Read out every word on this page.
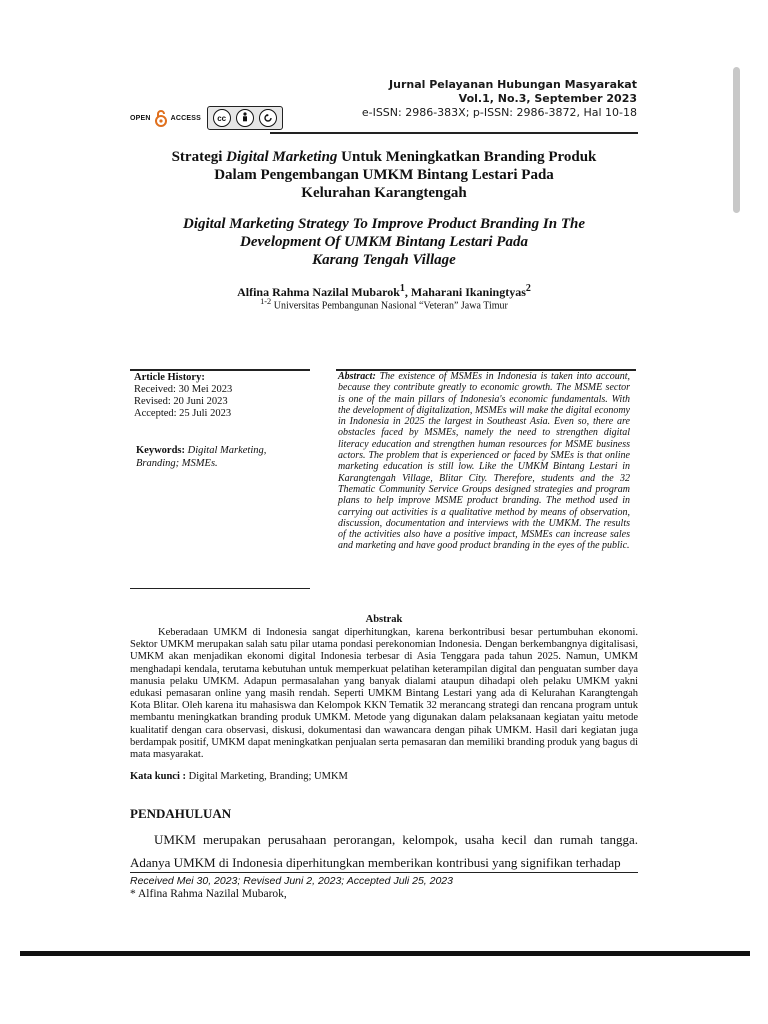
Jurnal Pelayanan Hubungan Masyarakat
Vol.1, No.3, September 2023
e-ISSN: 2986-383X; p-ISSN: 2986-3872, Hal 10-18
OPEN	ACCESS	cc
Strategi Digital Marketing Untuk Meningkatkan Branding Produk
Dalam Pengembangan UMKM Bintang Lestari Pada
Kelurahan Karangtengah
Digital Marketing Strategy To Improve Product Branding In The
Development Of UMKM Bintang Lestari Pada
Karang Tengah Village
Alfina Rahma Nazilal Mubarok$^1$, Maharani Ikaningtyas$^2$
$^{1-2}$ Universitas Pembangunan Nasional “Veteran” Jawa Timur
Article History:
Received: 30 Mei 2023
Revised: 20 Juni 2023
Accepted: 25 Juli 2023
Keywords: Digital Marketing, Branding; MSMEs.
Abstract: The existence of MSMEs in Indonesia is taken into account, because they contribute greatly to economic growth. The MSME sector is one of the main pillars of Indonesia's economic fundamentals. With the development of digitalization, MSMEs will make the digital economy in Indonesia in 2025 the largest in Southeast Asia. Even so, there are obstacles faced by MSMEs, namely the need to strengthen digital literacy education and strengthen human resources for MSME business actors. The problem that is experienced or faced by SMEs is that online marketing education is still low. Like the UMKM Bintang Lestari in Karangtengah Village, Blitar City. Therefore, students and the 32 Thematic Community Service Groups designed strategies and program plans to help improve MSME product branding. The method used in carrying out activities is a qualitative method by means of observation, discussion, documentation and interviews with the UMKM. The results of the activities also have a positive impact, MSMEs can increase sales and marketing and have good product branding in the eyes of the public.
Abstrak
Keberadaan UMKM di Indonesia sangat diperhitungkan, karena berkontribusi besar pertumbuhan ekonomi. Sektor UMKM merupakan salah satu pilar utama pondasi perekonomian Indonesia. Dengan berkembangnya digitalisasi, UMKM akan menjadikan ekonomi digital Indonesia terbesar di Asia Tenggara pada tahun 2025. Namun, UMKM menghadapi kendala, terutama kebutuhan untuk memperkuat pelatihan keterampilan digital dan penguatan sumber daya manusia pelaku UMKM. Adapun permasalahan yang banyak dialami ataupun dihadapi oleh pelaku UMKM yakni edukasi pemasaran online yang masih rendah. Seperti UMKM Bintang Lestari yang ada di Kelurahan Karangtengah Kota Blitar. Oleh karena itu mahasiswa dan Kelompok KKN Tematik 32 merancang strategi dan rencana program untuk membantu meningkatkan branding produk UMKM. Metode yang digunakan dalam pelaksanaan kegiatan yaitu metode kualitatif dengan cara observasi, diskusi, dokumentasi dan wawancara dengan pihak UMKM. Hasil dari kegiatan juga berdampak positif, UMKM dapat meningkatkan penjualan serta pemasaran dan memiliki branding produk yang bagus di mata masyarakat.
Kata kunci : Digital Marketing, Branding; UMKM
PENDAHULUAN
UMKM merupakan perusahaan perorangan, kelompok, usaha kecil dan rumah tangga. Adanya UMKM di Indonesia diperhitungkan memberikan kontribusi yang signifikan terhadap
Received Mei 30, 2023; Revised Juni 2, 2023; Accepted Juli 25, 2023
* Alfina Rahma Nazilal Mubarok,
